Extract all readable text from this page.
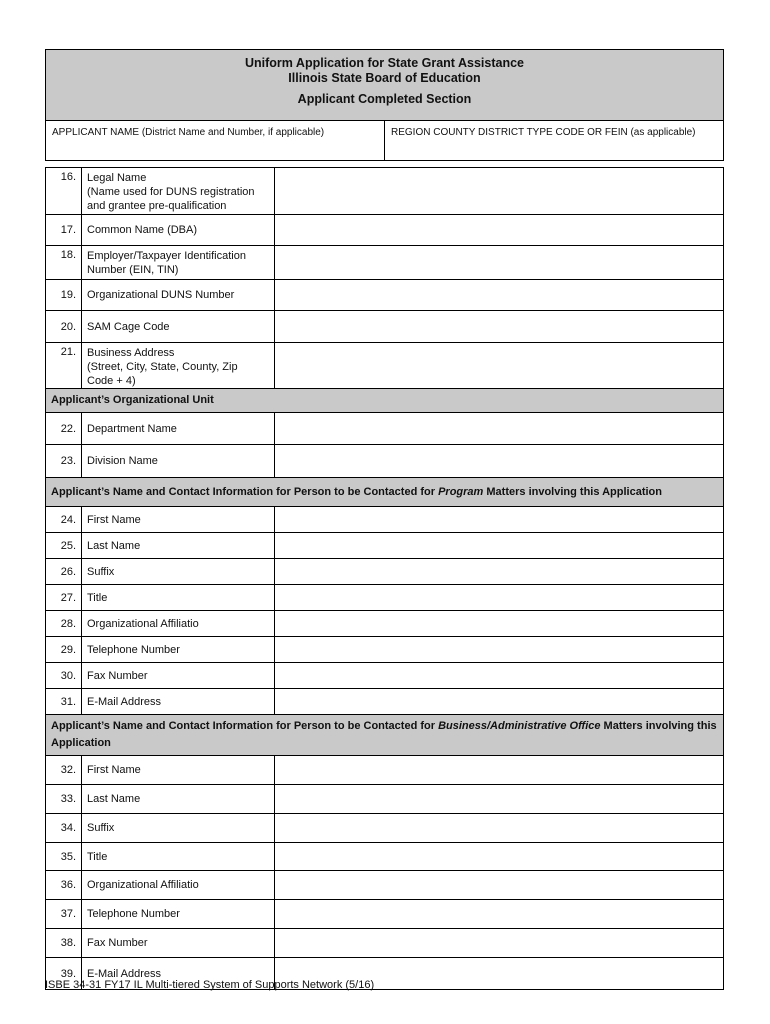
Uniform Application for State Grant Assistance
Illinois State Board of Education
Applicant Completed Section
APPLICANT NAME (District Name and Number, if applicable)	REGION COUNTY DISTRICT TYPE CODE OR FEIN (as applicable)
16.	Legal Name
(Name used for DUNS registration
and grantee pre-qualification

17.	Common Name (DBA)

18.	Employer/Taxpayer Identification
Number (EIN, TIN)

19.	Organizational DUNS Number

20.	SAM Cage Code

21.	Business Address
(Street, City, State, County, Zip
Code + 4)

Applicant’s Organizational Unit		
22.	Department Name	
23.	Division Name	
Applicant’s Name and Contact Information for Person to be Contacted for Program Matters involving this Application		
24.	First Name	
25.	Last Name	
26.	Suffix	
27.	Title	
28.	Organizational Affiliatio	
29.	Telephone Number	
30.	Fax Number	
31.	E-Mail Address	
Applicant’s Name and Contact Information for Person to be Contacted for Business/Administrative Office Matters involving this Application		
32.	First Name	
33.	Last Name	
34.	Suffix	
35.	Title	
36.	Organizational Affiliatio	
37.	Telephone Number	
38.	Fax Number	
39.	E-Mail Address	
ISBE 34-31 FY17 IL Multi-tiered System of Supports Network (5/16)
